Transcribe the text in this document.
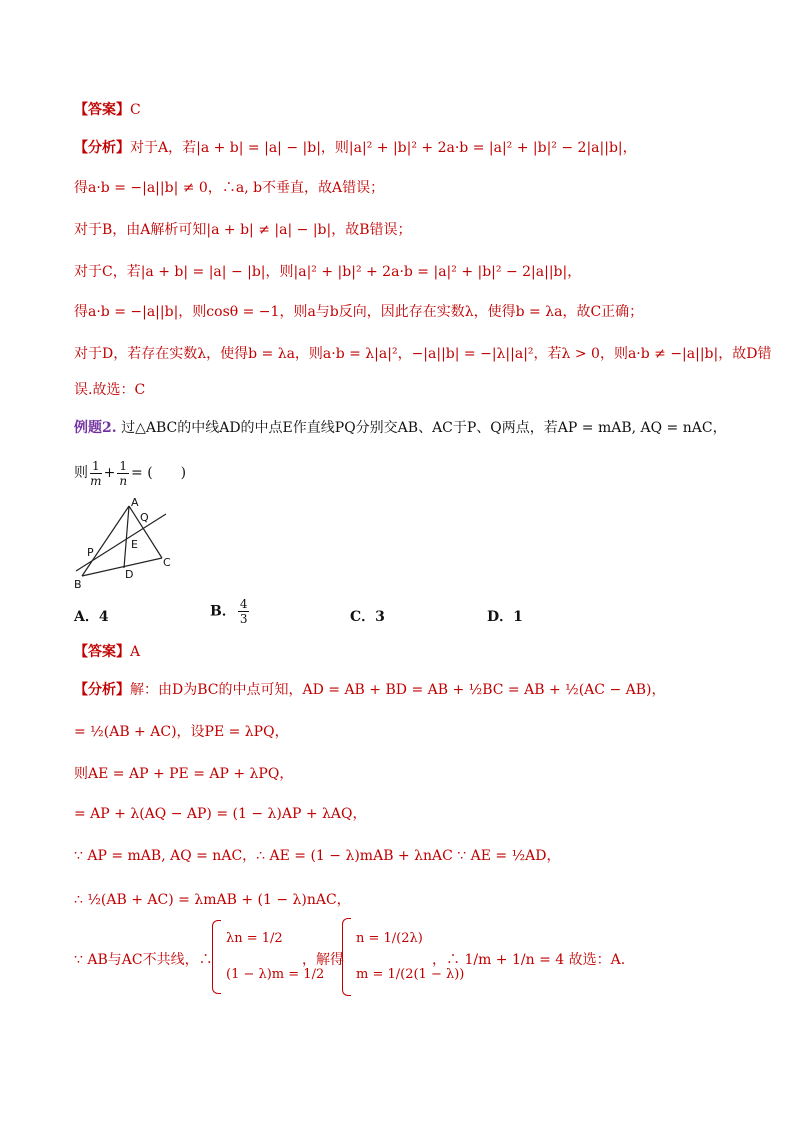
【答案】C
【分析】对于A，若|a + b| = |a| − |b|，则|a|² + |b|² + 2a·b = |a|² + |b|² − 2|a||b|，
得a·b = −|a||b| ≠ 0，∴a, b不垂直，故A错误；
对于B，由A解析可知|a + b| ≠ |a| − |b|，故B错误；
对于C，若|a + b| = |a| − |b|，则|a|² + |b|² + 2a·b = |a|² + |b|² − 2|a||b|，
得a·b = −|a||b|，则cosθ = −1，则a与b反向，因此存在实数λ，使得b = λa，故C正确；
对于D，若存在实数λ，使得b = λa，则a·b = λ|a|²，−|a||b| = −|λ||a|²，若λ > 0，则a·b ≠ −|a||b|，故D错
误.故选：C
例题2. 过△ABC的中线AD的中点E作直线PQ分别交AB、AC于P、Q两点，若AP = mAB, AQ = nAC，
则 $\frac{1}{m} + \frac{1}{n}$ = (　　)
A
Q
P
E
B
D
C
A．4	B． $\frac{4}{3}$	C．3	D．1
【答案】A
【分析】解：由D为BC的中点可知，AD = AB + BD = AB + ½BC = AB + ½(AC − AB)，
= ½(AB + AC)，设PE = λPQ，
则AE = AP + PE = AP + λPQ，
= AP + λ(AQ − AP) = (1 − λ)AP + λAQ，
∵ AP = mAB, AQ = nAC，∴ AE = (1 − λ)mAB + λnAC ∵ AE = ½AD，
∴ ½(AB + AC) = λmAB + (1 − λ)nAC，
∵ AB与AC不共线，∴
λn = 1/2
(1 − λ)m = 1/2
，解得
n = 1/(2λ)
m = 1/(2(1 − λ))
，∴ 1/m + 1/n = 4 故选：A.
